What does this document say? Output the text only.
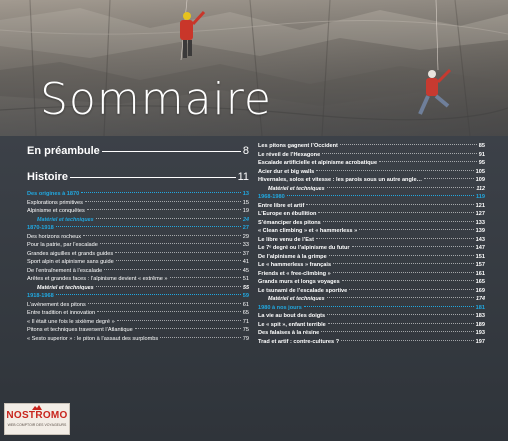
Sommaire
En préambule	8
Histoire	11
Des origines à 1870	13
Explorations primitives	15
Alpinisme et conquêtes	19
Matériel et techniques	24
1870-1918	27
Des horizons rocheux	29
Pour la patrie, par l’escalade	33
Grandes aiguilles et grands guides	37
Sport alpin et alpinisme sans guide	41
De l’entraînement à l’escalade	45
Arêtes et grandes faces : l’alpinisme devient « extrême »	51
Matériel et techniques	55
1918-1968	59
L’avènement des pitons	61
Entre tradition et innovation	65
« Il était une fois le sixième degré »	71
Pitons et techniques traversent l’Atlantique	75
« Sesto superior » : le piton à l’assaut des surplombs	79
Les pitons gagnent l’Occident	85
Le réveil de l’Hexagone	91
Escalade artificielle et alpinisme acrobatique	95
Acier dur et big walls	105
Hivernales, solos et vitesse : les parois sous un autre angle…	109
Matériel et techniques	112
1968-1980	119
Entre libre et artif	121
L’Europe en ébullition	127
S’émanciper des pitons	133
« Clean climbing » et « hammerless »	139
Le libre venu de l’Est	143
Le 7ᵉ degré ou l’alpinisme du futur	147
De l’alpinisme à la grimpe	151
Le « hammerless » français	157
Friends et « free-climbing »	161
Grands murs et longs voyages	165
Le tsunami de l’escalade sportive	169
Matériel et techniques	174
1980 à nos jours	181
La vie au bout des doigts	183
Le « spit », enfant terrible	189
Des falaises à la résine	193
Trad et artif : contre-cultures ?	197
NOSTROMO
WEB COMPTOIR DES VOYAGEURS
